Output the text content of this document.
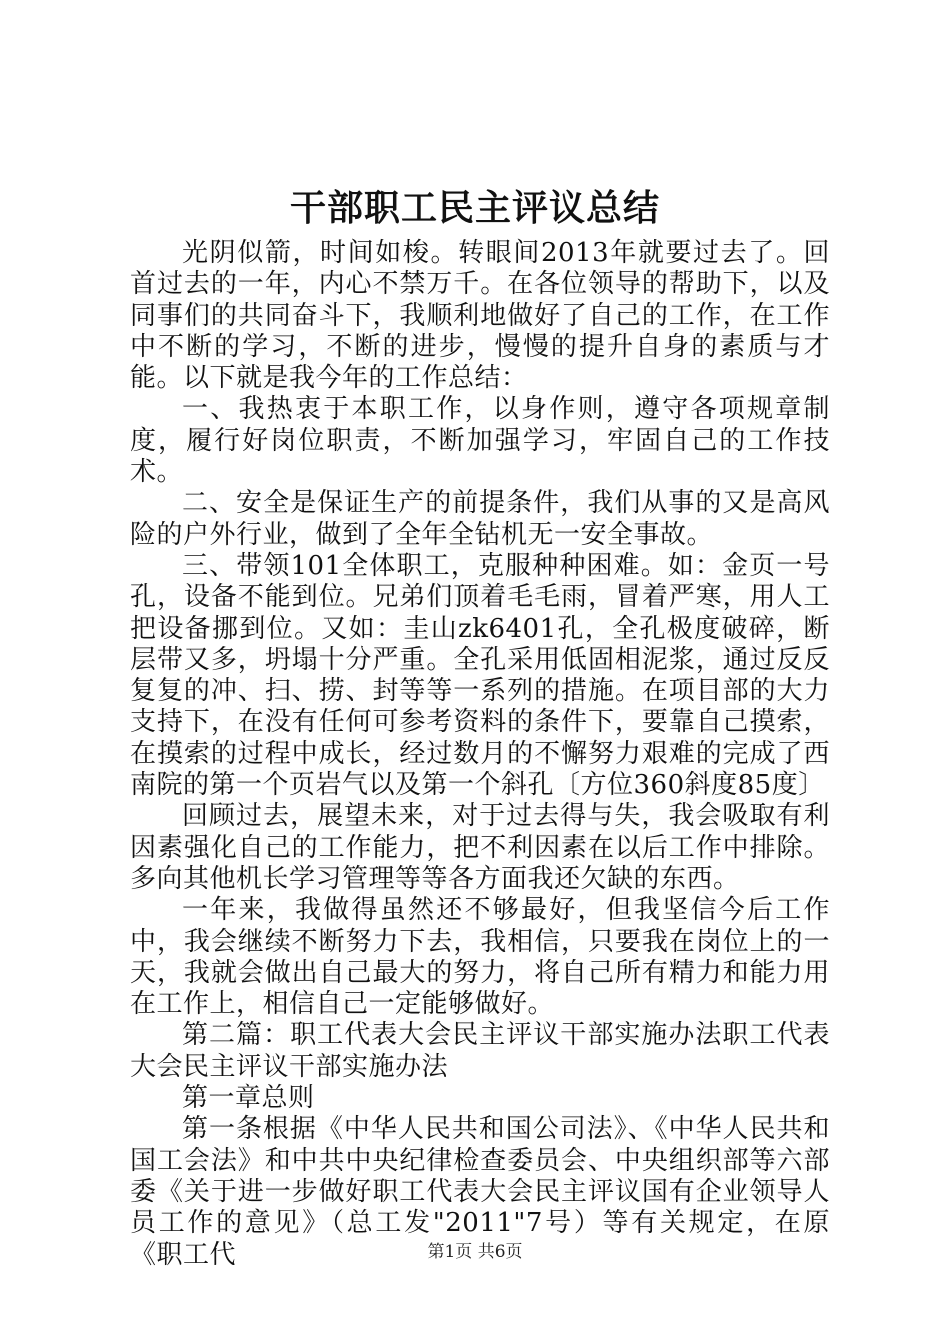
干部职工民主评议总结

光阴似箭，时间如梭。转眼间2013年就要过去了。回首过去的一年，内心不禁万千。在各位领导的帮助下，以及同事们的共同奋斗下，我顺利地做好了自己的工作，在工作中不断的学习，不断的进步，慢慢的提升自身的素质与才能。以下就是我今年的工作总结：

一、我热衷于本职工作，以身作则，遵守各项规章制度，履行好岗位职责，不断加强学习，牢固自己的工作技术。

二、安全是保证生产的前提条件，我们从事的又是高风险的户外行业，做到了全年全钻机无一安全事故。

三、带领101全体职工，克服种种困难。如：金页一号孔，设备不能到位。兄弟们顶着毛毛雨，冒着严寒，用人工把设备挪到位。又如：圭山zk6401孔，全孔极度破碎，断层带又多，坍塌十分严重。全孔采用低固相泥浆，通过反反复复的冲、扫、捞、封等等一系列的措施。在项目部的大力支持下，在没有任何可参考资料的条件下，要靠自己摸索，在摸索的过程中成长，经过数月的不懈努力艰难的完成了西南院的第一个页岩气以及第一个斜孔〔方位360斜度85度〕

回顾过去，展望未来，对于过去得与失，我会吸取有利因素强化自己的工作能力，把不利因素在以后工作中排除。多向其他机长学习管理等等各方面我还欠缺的东西。

一年来，我做得虽然还不够最好，但我坚信今后工作中，我会继续不断努力下去，我相信，只要我在岗位上的一天，我就会做出自己最大的努力，将自己所有精力和能力用在工作上，相信自己一定能够做好。

第二篇：职工代表大会民主评议干部实施办法职工代表大会民主评议干部实施办法

第一章总则

第一条根据《中华人民共和国公司法》、《中华人民共和国工会法》和中共中央纪律检查委员会、中央组织部等六部委《关于进一步做好职工代表大会民主评议国有企业领导人员工作的意见》（总工发"2011"7号）等有关规定，在原《职工代	第1页 共6页
